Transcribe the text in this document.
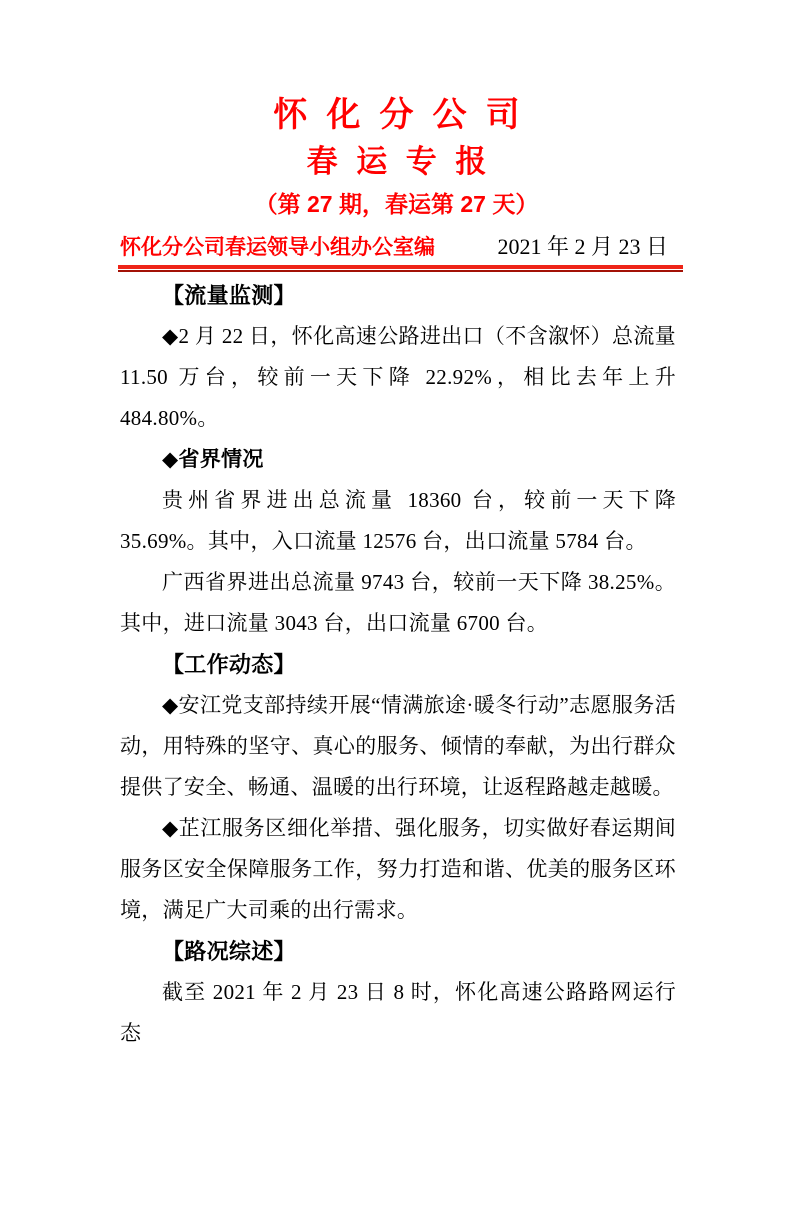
怀化分公司
春运专报
（第 27 期，春运第 27 天）
怀化分公司春运领导小组办公室编	2021 年 2 月 23 日
【流量监测】

◆2 月 22 日，怀化高速公路进出口（不含溆怀）总流量 11.50 万台，较前一天下降 22.92%，相比去年上升 484.80%。

◆省界情况

贵州省界进出总流量 18360 台，较前一天下降 35.69%。其中，入口流量 12576 台，出口流量 5784 台。

广西省界进出总流量 9743 台，较前一天下降 38.25%。其中，进口流量 3043 台，出口流量 6700 台。

【工作动态】

◆安江党支部持续开展“情满旅途·暖冬行动”志愿服务活动，用特殊的坚守、真心的服务、倾情的奉献，为出行群众提供了安全、畅通、温暖的出行环境，让返程路越走越暖。

◆芷江服务区细化举措、强化服务，切实做好春运期间服务区安全保障服务工作，努力打造和谐、优美的服务区环境，满足广大司乘的出行需求。

【路况综述】

截至 2021 年 2 月 23 日 8 时，怀化高速公路路网运行态
